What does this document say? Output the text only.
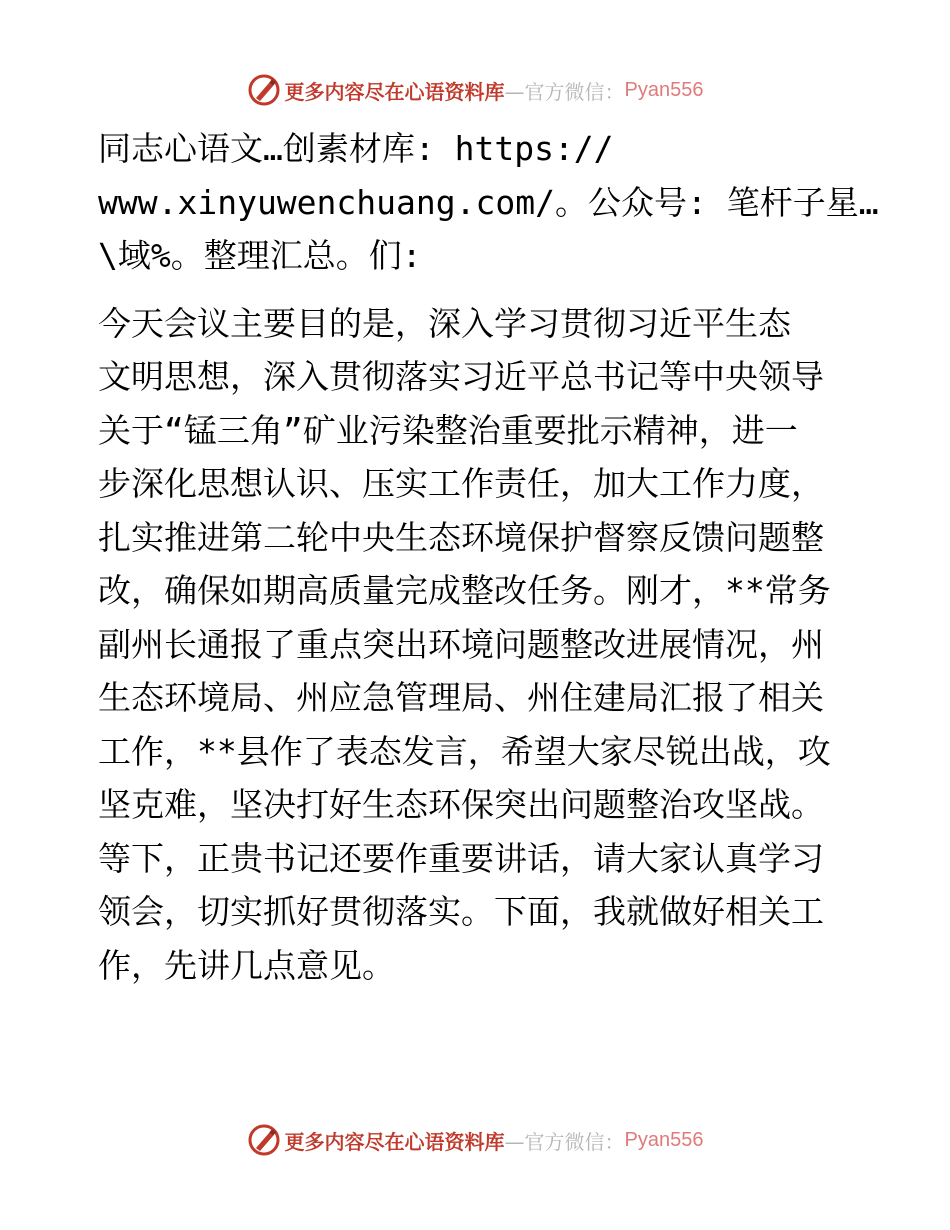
更多内容尽在心语资料库 —官方微信： Pyan556

同志心语文…创素材库: https://
www.xinyuwenchuang.com/。公众号: 笔杆子星…
\域%。整理汇总。们:

今天会议主要目的是，深入学习贯彻习近平生态
文明思想，深入贯彻落实习近平总书记等中央领导
关于“锰三角”矿业污染整治重要批示精神，进一
步深化思想认识、压实工作责任，加大工作力度，
扎实推进第二轮中央生态环境保护督察反馈问题整
改，确保如期高质量完成整改任务。刚才，**常务
副州长通报了重点突出环境问题整改进展情况，州
生态环境局、州应急管理局、州住建局汇报了相关
工作，**县作了表态发言，希望大家尽锐出战，攻
坚克难，坚决打好生态环保突出问题整治攻坚战。
等下，正贵书记还要作重要讲话，请大家认真学习
领会，切实抓好贯彻落实。下面，我就做好相关工
作，先讲几点意见。

更多内容尽在心语资料库 —官方微信： Pyan556
